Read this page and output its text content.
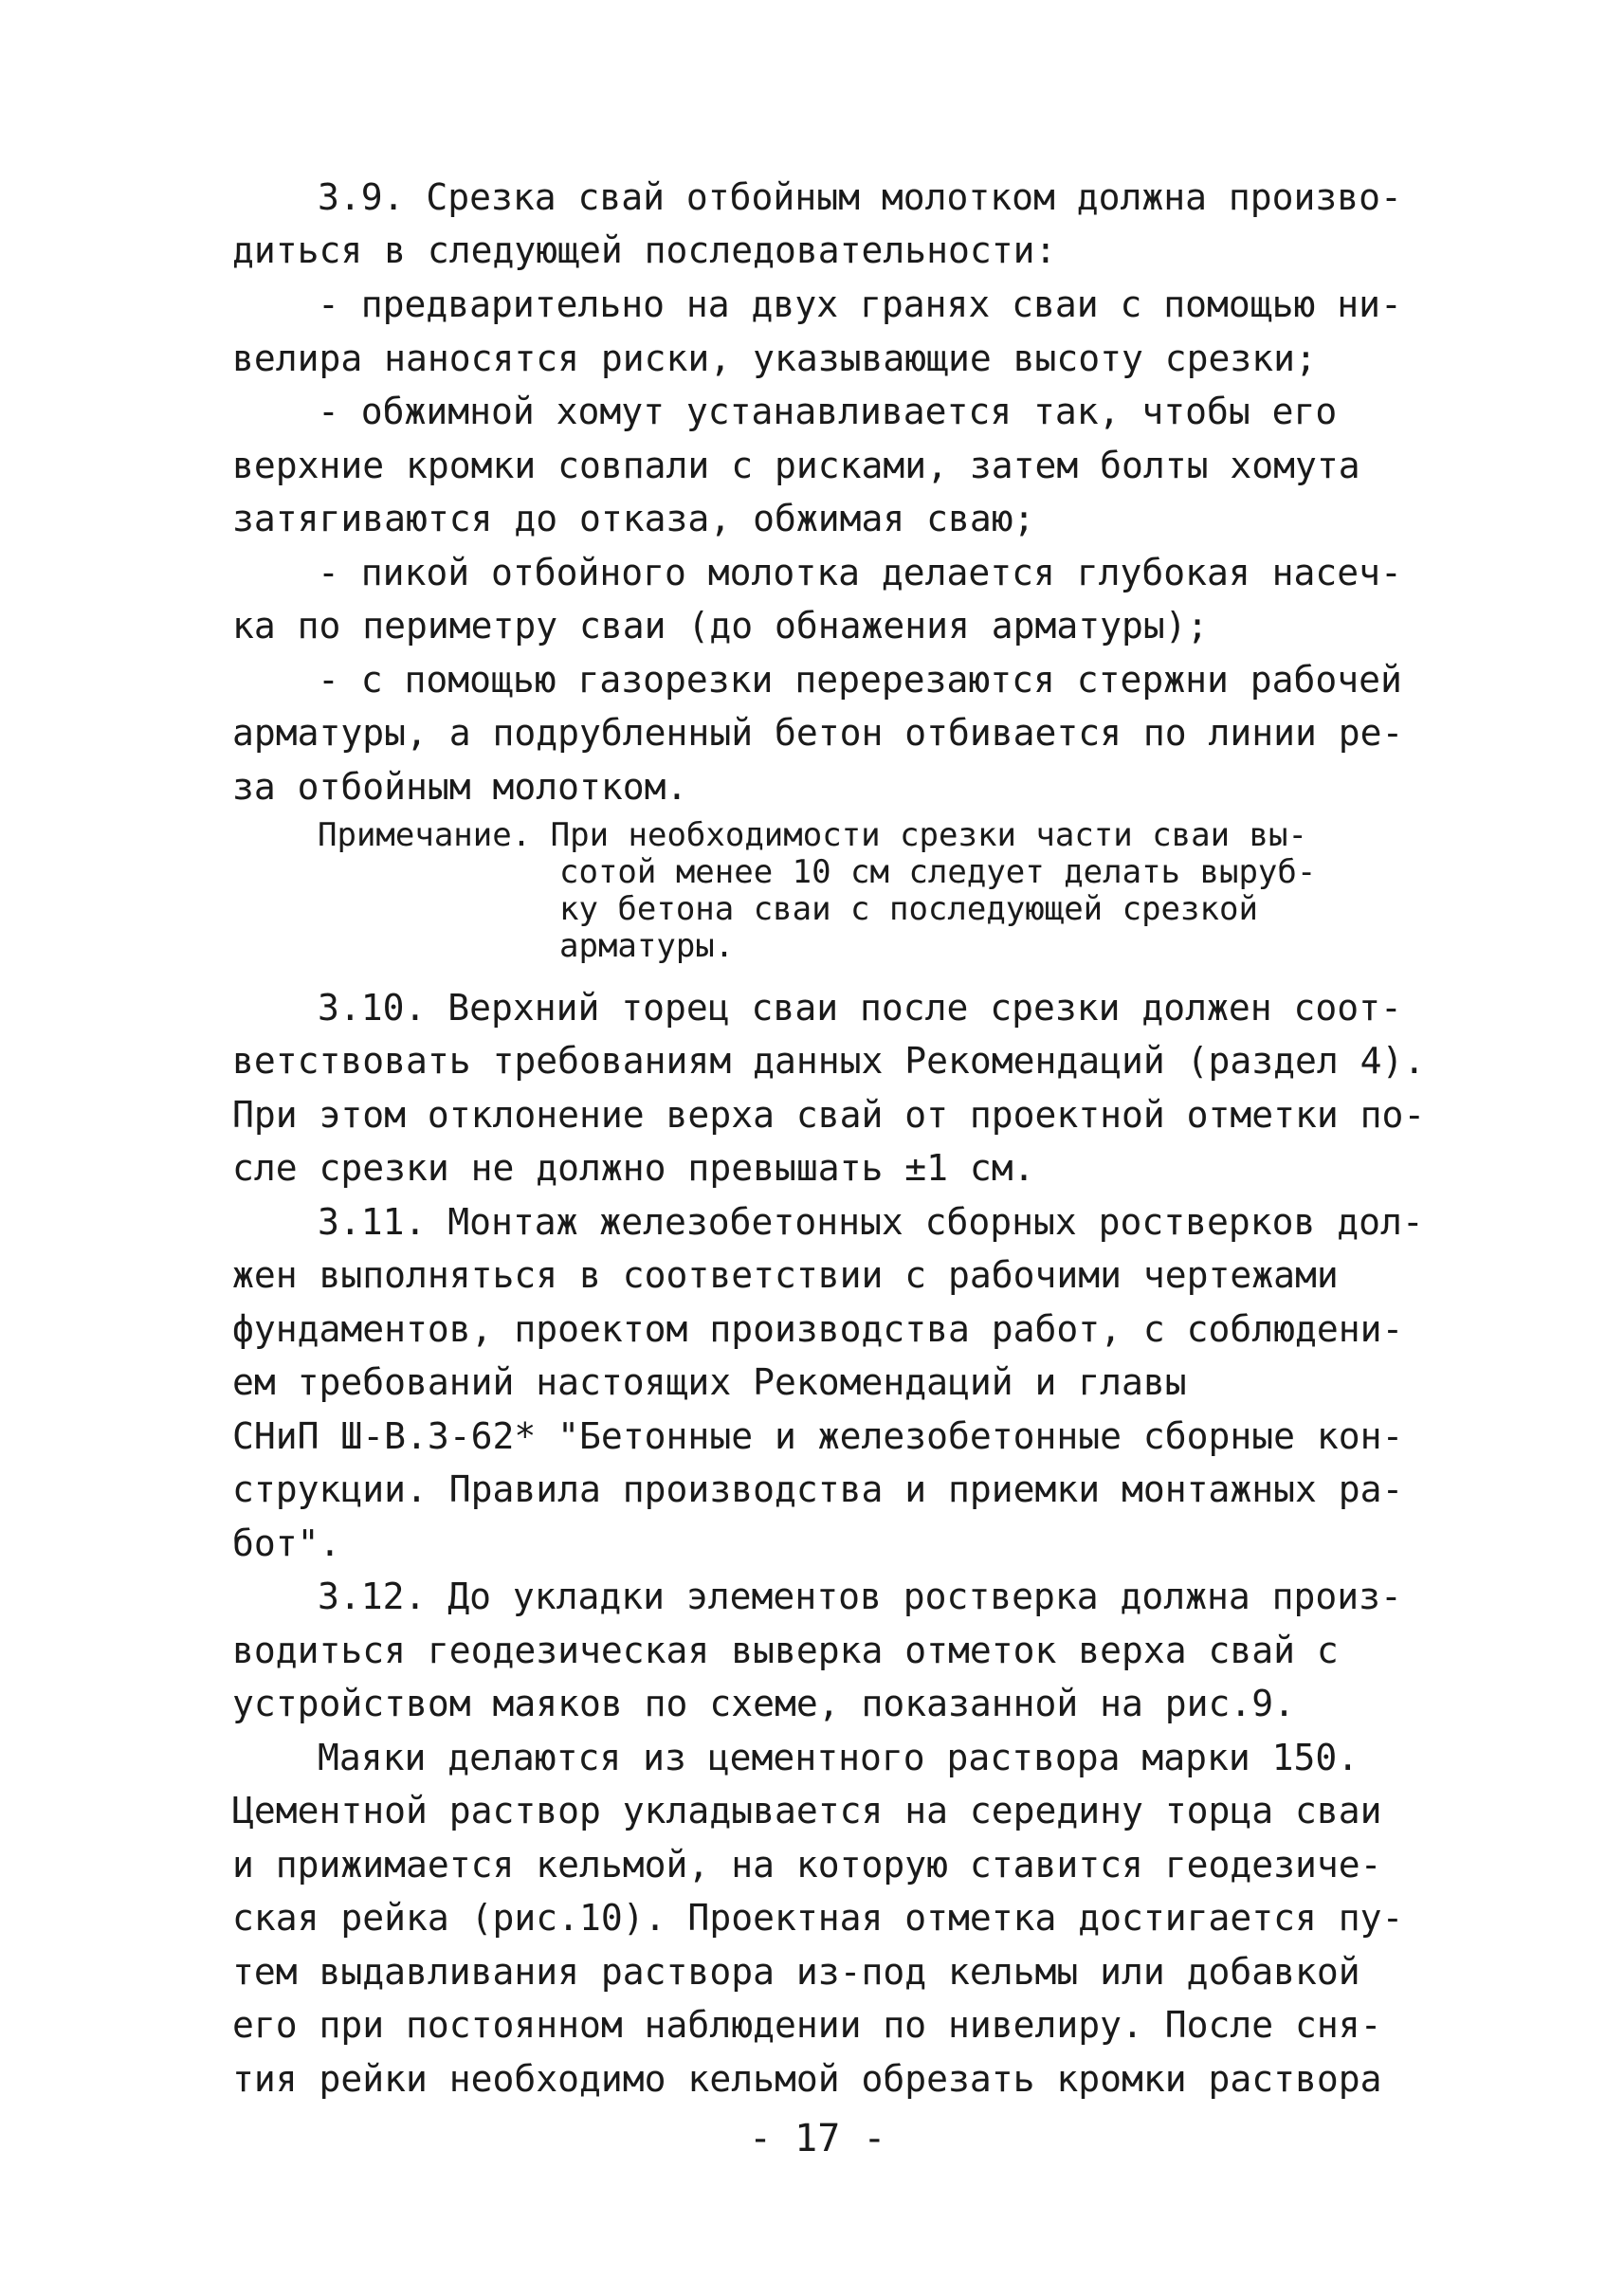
3.9. Срезка свай отбойным молотком должна произво-
диться в следующей последовательности:
- предварительно на двух гранях сваи с помощью ни-
велира наносятся риски, указывающие высоту срезки;
- обжимной хомут устанавливается так, чтобы его
верхние кромки совпали с рисками, затем болты хомута
затягиваются до отказа, обжимая сваю;
- пикой отбойного молотка делается глубокая насеч-
ка по периметру сваи (до обнажения арматуры);
- с помощью газорезки перерезаются стержни рабочей
арматуры, а подрубленный бетон отбивается по линии ре-
за отбойным молотком.
Примечание. При необходимости срезки части сваи вы-
сотой менее 10 см следует делать выруб-
ку бетона сваи с последующей срезкой
арматуры.
3.10. Верхний торец сваи после срезки должен соот-
ветствовать требованиям данных Рекомендаций (раздел 4).
При этом отклонение верха свай от проектной отметки по-
сле срезки не должно превышать ±1 см.
3.11. Монтаж железобетонных сборных ростверков дол-
жен выполняться в соответствии с рабочими чертежами
фундаментов, проектом производства работ, с соблюдени-
ем требований настоящих Рекомендаций и главы
СНиП Ш-В.3-62* "Бетонные и железобетонные сборные кон-
струкции. Правила производства и приемки монтажных ра-
бот".
3.12. До укладки элементов ростверка должна произ-
водиться геодезическая выверка отметок верха свай с
устройством маяков по схеме, показанной на рис.9.
Маяки делаются из цементного раствора марки 150.
Цементной раствор укладывается на середину торца сваи
и прижимается кельмой, на которую ставится геодезиче-
ская рейка (рис.10). Проектная отметка достигается пу-
тем выдавливания раствора из-под кельмы или добавкой
его при постоянном наблюдении по нивелиру. После сня-
тия рейки необходимо кельмой обрезать кромки раствора
- 17 -
